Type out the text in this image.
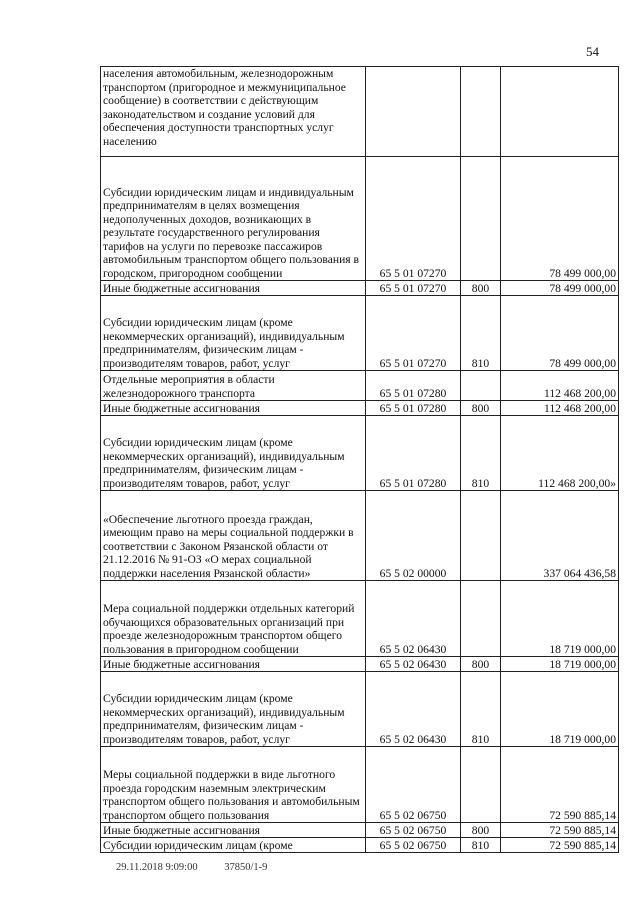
54
населения автомобильным, железнодорожным транспортом (пригородное и межмуниципальное сообщение) в соответствии с действующим законодательством и создание условий для обеспечения доступности транспортных услуг населению			
Субсидии юридическим лицам и индивидуальным предпринимателям в целях возмещения недополученных доходов, возникающих в результате государственного регулирования тарифов на услуги по перевозке пассажиров автомобильным транспортом общего пользования в городском, пригородном сообщении	65 5 01 07270		78 499 000,00
Иные бюджетные ассигнования	65 5 01 07270	800	78 499 000,00
Субсидии юридическим лицам (кроме некоммерческих организаций), индивидуальным предпринимателям, физическим лицам - производителям товаров, работ, услуг	65 5 01 07270	810	78 499 000,00
Отдельные мероприятия в области железнодорожного транспорта	65 5 01 07280		112 468 200,00
Иные бюджетные ассигнования	65 5 01 07280	800	112 468 200,00
Субсидии юридическим лицам (кроме некоммерческих организаций), индивидуальным предпринимателям, физическим лицам - производителям товаров, работ, услуг	65 5 01 07280	810	112 468 200,00»
«Обеспечение льготного проезда граждан, имеющим право на меры социальной поддержки в соответствии с Законом Рязанской области от 21.12.2016 № 91-ОЗ «О мерах социальной поддержки населения Рязанской области»	65 5 02 00000		337 064 436,58
Мера социальной поддержки отдельных категорий обучающихся образовательных организаций при проезде железнодорожным транспортом общего пользования в пригородном сообщении	65 5 02 06430		18 719 000,00
Иные бюджетные ассигнования	65 5 02 06430	800	18 719 000,00
Субсидии юридическим лицам (кроме некоммерческих организаций), индивидуальным предпринимателям, физическим лицам - производителям товаров, работ, услуг	65 5 02 06430	810	18 719 000,00
Меры социальной поддержки в виде льготного проезда городским наземным электрическим транспортом общего пользования и автомобильным транспортом общего пользования	65 5 02 06750		72 590 885,14
Иные бюджетные ассигнования	65 5 02 06750	800	72 590 885,14
Субсидии юридическим лицам (кроме	65 5 02 06750	810	72 590 885,14
29.11.2018 9:09:00	37850/1-9
